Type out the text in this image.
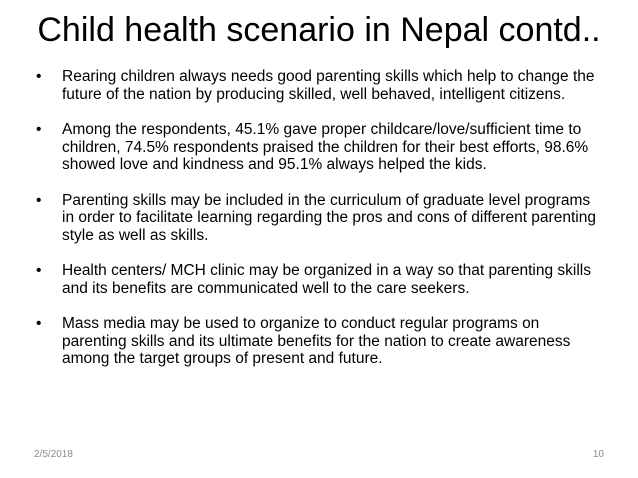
Child health scenario in Nepal contd..
•	Rearing children always needs good parenting skills which help to change the future of the nation by producing skilled, well behaved, intelligent citizens.
•	Among the respondents, 45.1% gave proper childcare/love/sufficient time to children, 74.5% respondents praised the children for their best efforts, 98.6% showed love and kindness and 95.1% always helped the kids.
•	Parenting skills may be included in the curriculum of graduate level programs in order to facilitate learning regarding the pros and cons of different parenting style as well as skills.
•	Health centers/ MCH clinic may be organized in a way so that parenting skills and its benefits are communicated well to the care seekers.
•	Mass media may be used to organize to conduct regular programs on parenting skills and its ultimate benefits for the nation to create awareness among the target groups of present and future.
2/5/2018	10
